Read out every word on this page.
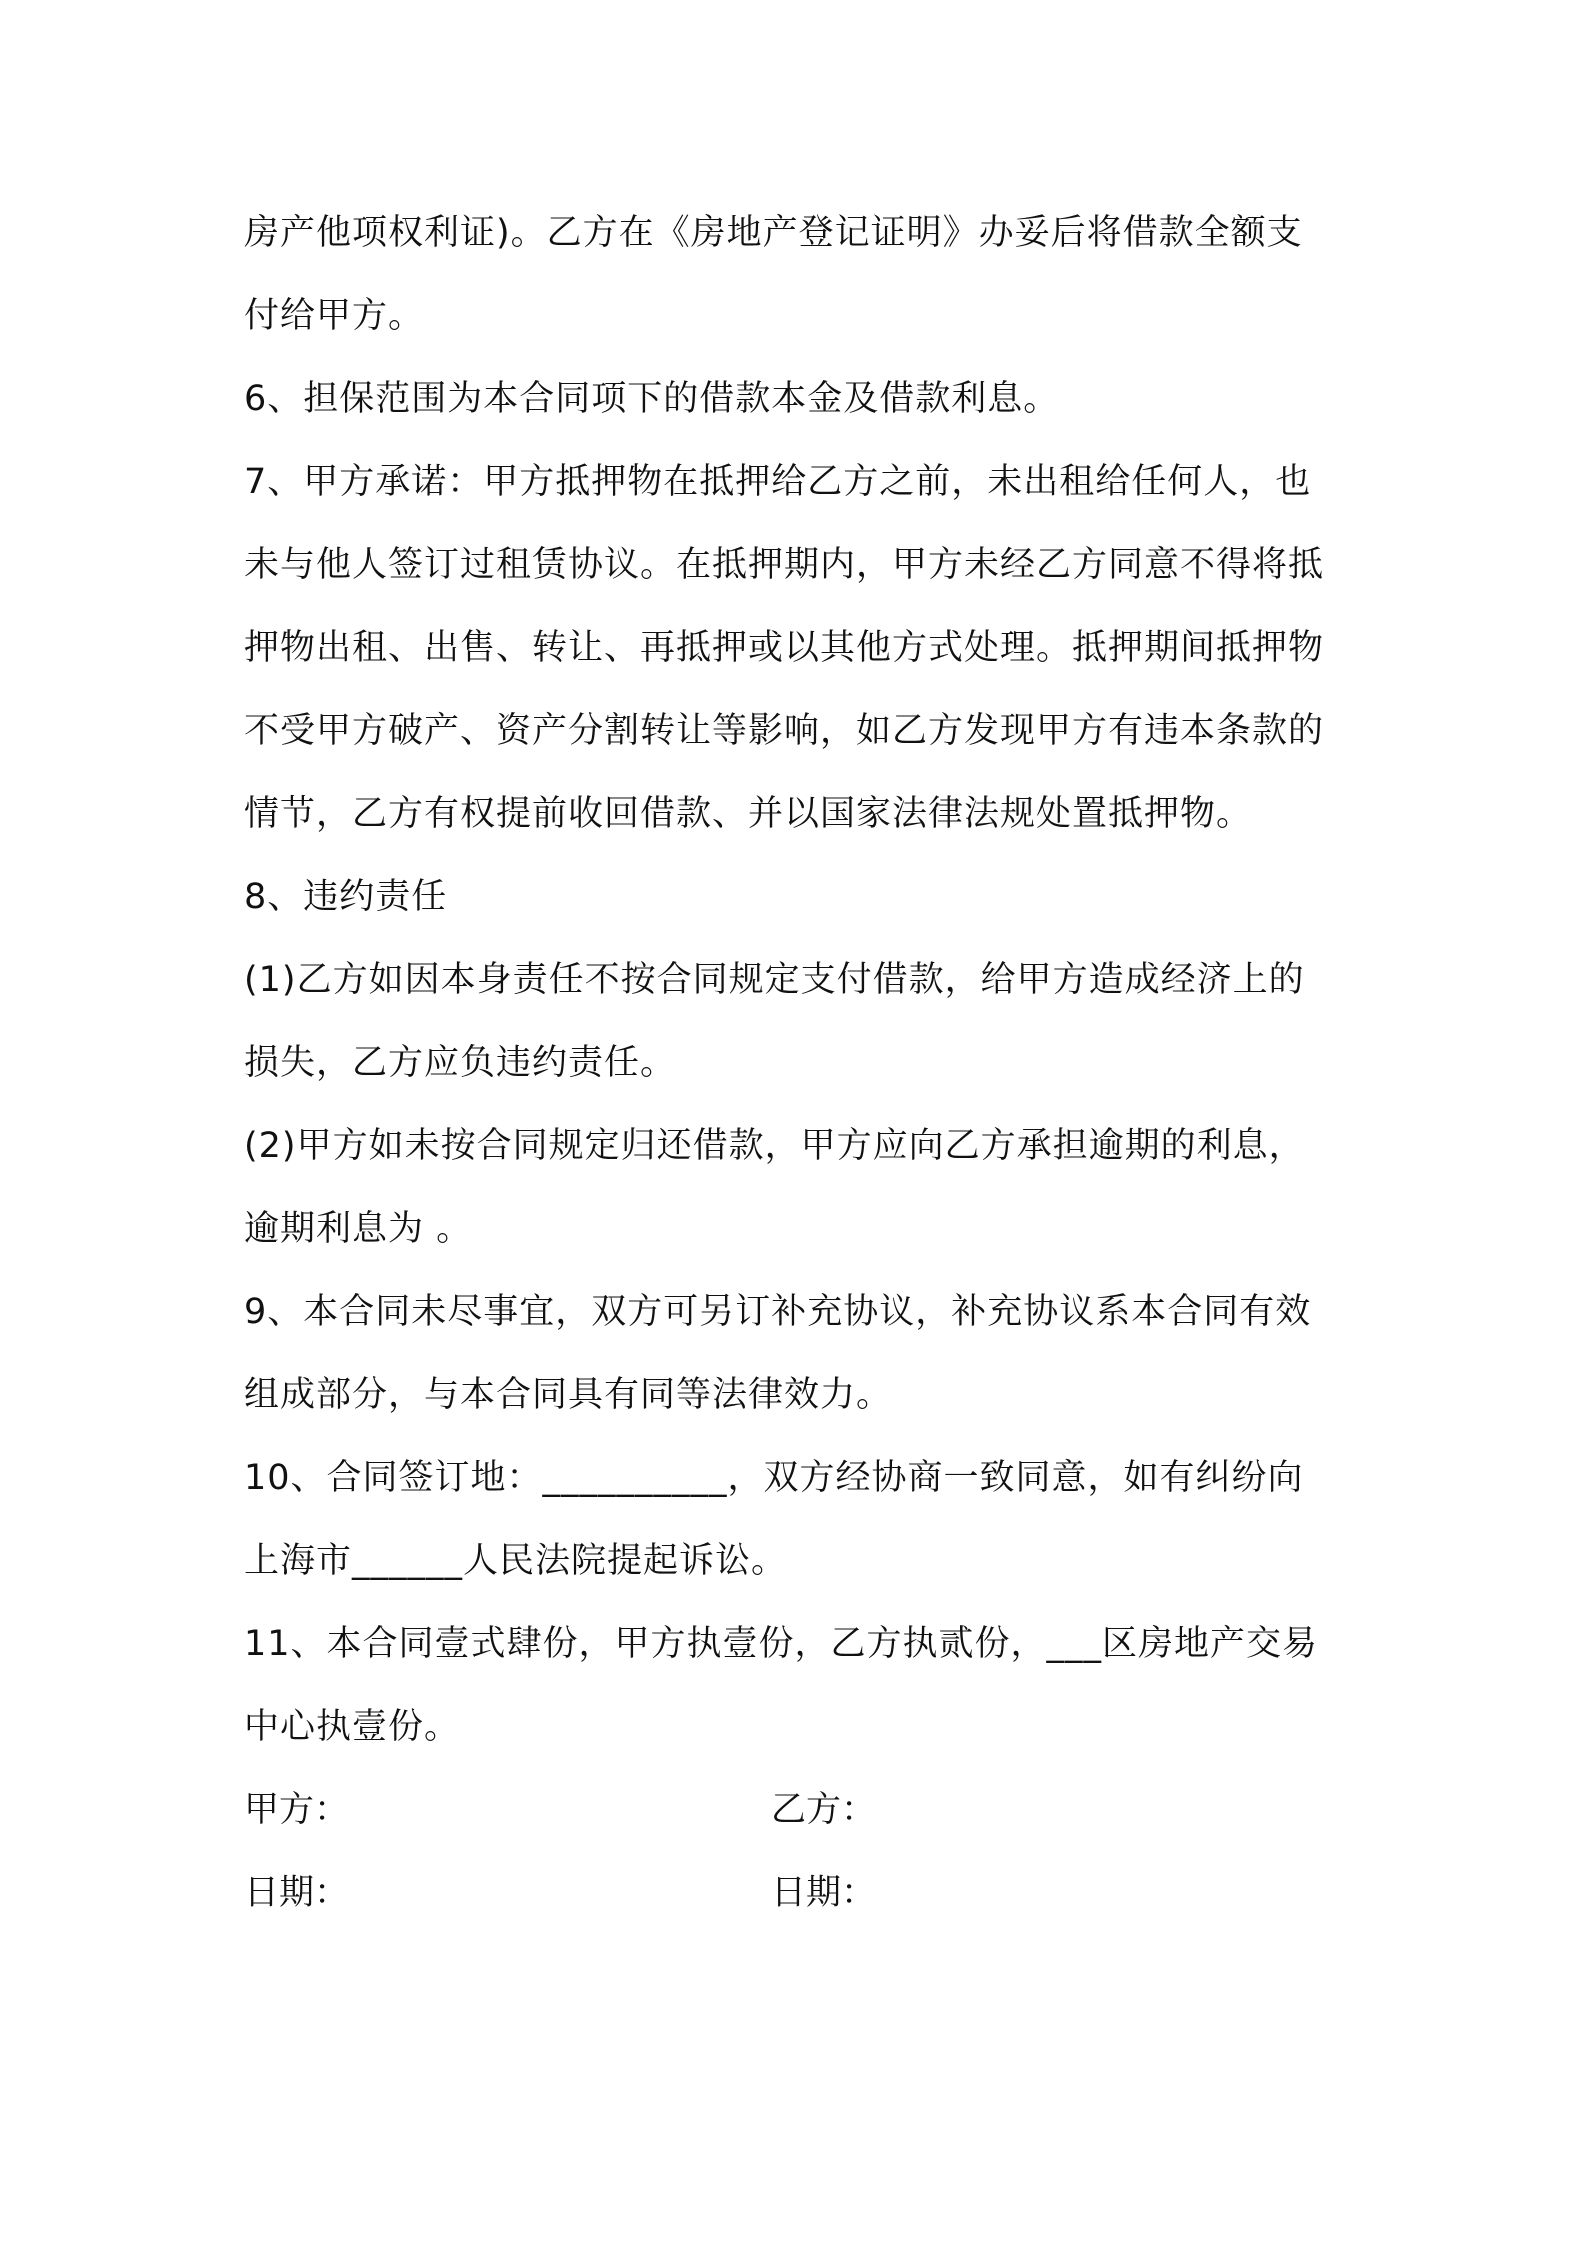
房产他项权利证)。乙方在《房地产登记证明》办妥后将借款全额支
付给甲方。
6、担保范围为本合同项下的借款本金及借款利息。
7、甲方承诺：甲方抵押物在抵押给乙方之前，未出租给任何人，也
未与他人签订过租赁协议。在抵押期内，甲方未经乙方同意不得将抵
押物出租、出售、转让、再抵押或以其他方式处理。抵押期间抵押物
不受甲方破产、资产分割转让等影响，如乙方发现甲方有违本条款的
情节，乙方有权提前收回借款、并以国家法律法规处置抵押物。
8、违约责任
(1)乙方如因本身责任不按合同规定支付借款，给甲方造成经济上的
损失，乙方应负违约责任。
(2)甲方如未按合同规定归还借款，甲方应向乙方承担逾期的利息，
逾期利息为 。
9、本合同未尽事宜，双方可另订补充协议，补充协议系本合同有效
组成部分，与本合同具有同等法律效力。
10、合同签订地：__________，双方经协商一致同意，如有纠纷向
上海市______人民法院提起诉讼。
11、本合同壹式肆份，甲方执壹份，乙方执贰份，___区房地产交易
中心执壹份。
甲方：	乙方：
日期：	日期：
